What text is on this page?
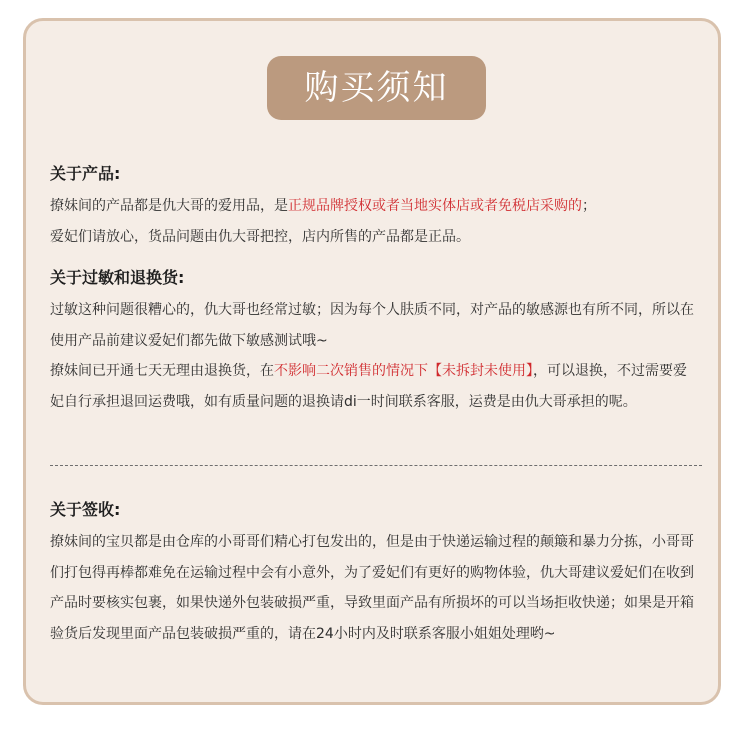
购买须知
关于产品:

撩妹间的产品都是仇大哥的爱用品，是正规品牌授权或者当地实体店或者免税店采购的；

爱妃们请放心，货品问题由仇大哥把控，店内所售的产品都是正品。

关于过敏和退换货:

过敏这种问题很糟心的，仇大哥也经常过敏；因为每个人肤质不同，对产品的敏感源也有所不同，所以在使用产品前建议爱妃们都先做下敏感测试哦~

撩妹间已开通七天无理由退换货，在不影响二次销售的情况下【未拆封未使用】，可以退换，不过需要爱妃自行承担退回运费哦，如有质量问题的退换请di一时间联系客服，运费是由仇大哥承担的呢。

关于签收:

撩妹间的宝贝都是由仓库的小哥哥们精心打包发出的，但是由于快递运输过程的颠簸和暴力分拣，小哥哥们打包得再棒都难免在运输过程中会有小意外，为了爱妃们有更好的购物体验，仇大哥建议爱妃们在收到产品时要核实包裹，如果快递外包装破损严重，导致里面产品有所损坏的可以当场拒收快递；如果是开箱验货后发现里面产品包装破损严重的，请在24小时内及时联系客服小姐姐处理哟~
